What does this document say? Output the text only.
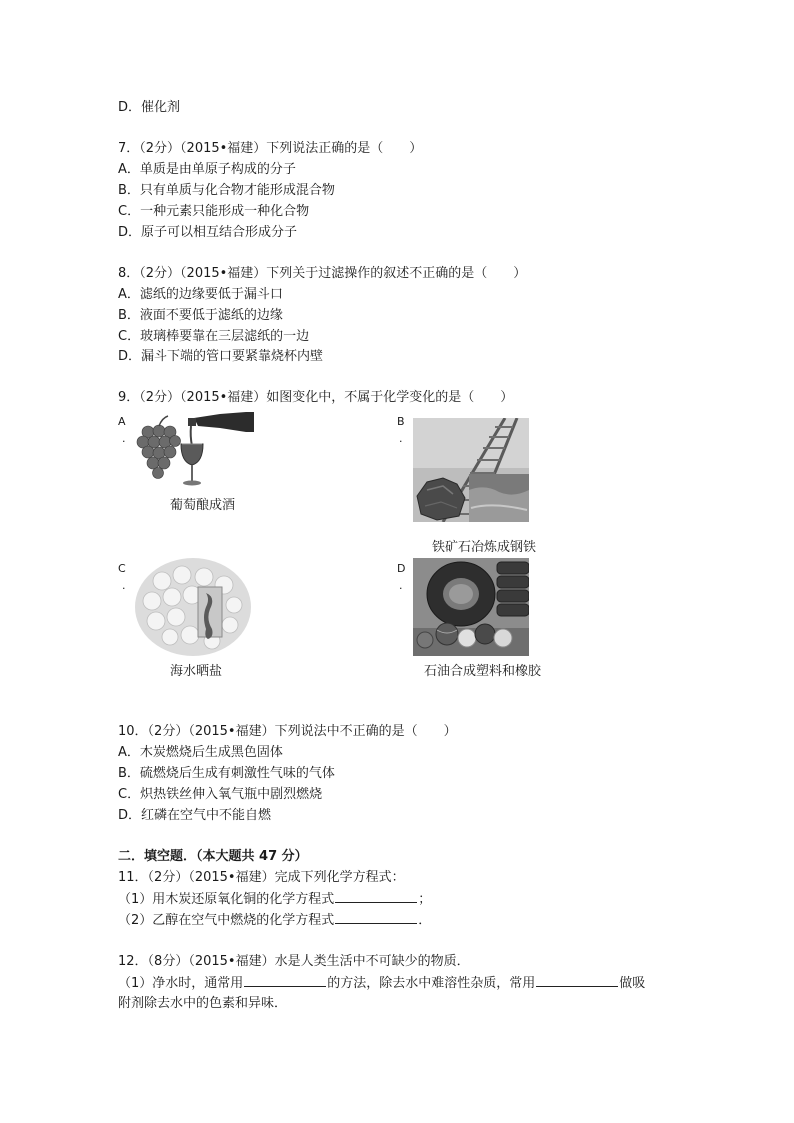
D．催化剂
7．（2分）（2015•福建）下列说法正确的是（　　）
A．单质是由单原子构成的分子
B．只有单质与化合物才能形成混合物
C．一种元素只能形成一种化合物
D．原子可以相互结合形成分子
8．（2分）（2015•福建）下列关于过滤操作的叙述不正确的是（　　）
A．滤纸的边缘要低于漏斗口
B．液面不要低于滤纸的边缘
C．玻璃棒要靠在三层滤纸的一边
D．漏斗下端的管口要紧靠烧杯内壁
9．（2分）（2015•福建）如图变化中，不属于化学变化的是（　　）
A
.
葡萄酿成酒
B
.
铁矿石冶炼成钢铁
C
.
海水晒盐
D
.
石油合成塑料和橡胶
10．（2分）（2015•福建）下列说法中不正确的是（　　）
A．木炭燃烧后生成黑色固体
B．硫燃烧后生成有刺激性气味的气体
C．炽热铁丝伸入氧气瓶中剧烈燃烧
D．红磷在空气中不能自燃
二．填空题．（本大题共 47 分）
11．（2分）（2015•福建）完成下列化学方程式：
（1）用木炭还原氧化铜的化学方程式	；
（2）乙醇在空气中燃烧的化学方程式	．
12．（8分）（2015•福建）水是人类生活中不可缺少的物质．
（1）净水时，通常用	的方法，除去水中难溶性杂质，常用	做吸
附剂除去水中的色素和异味．
